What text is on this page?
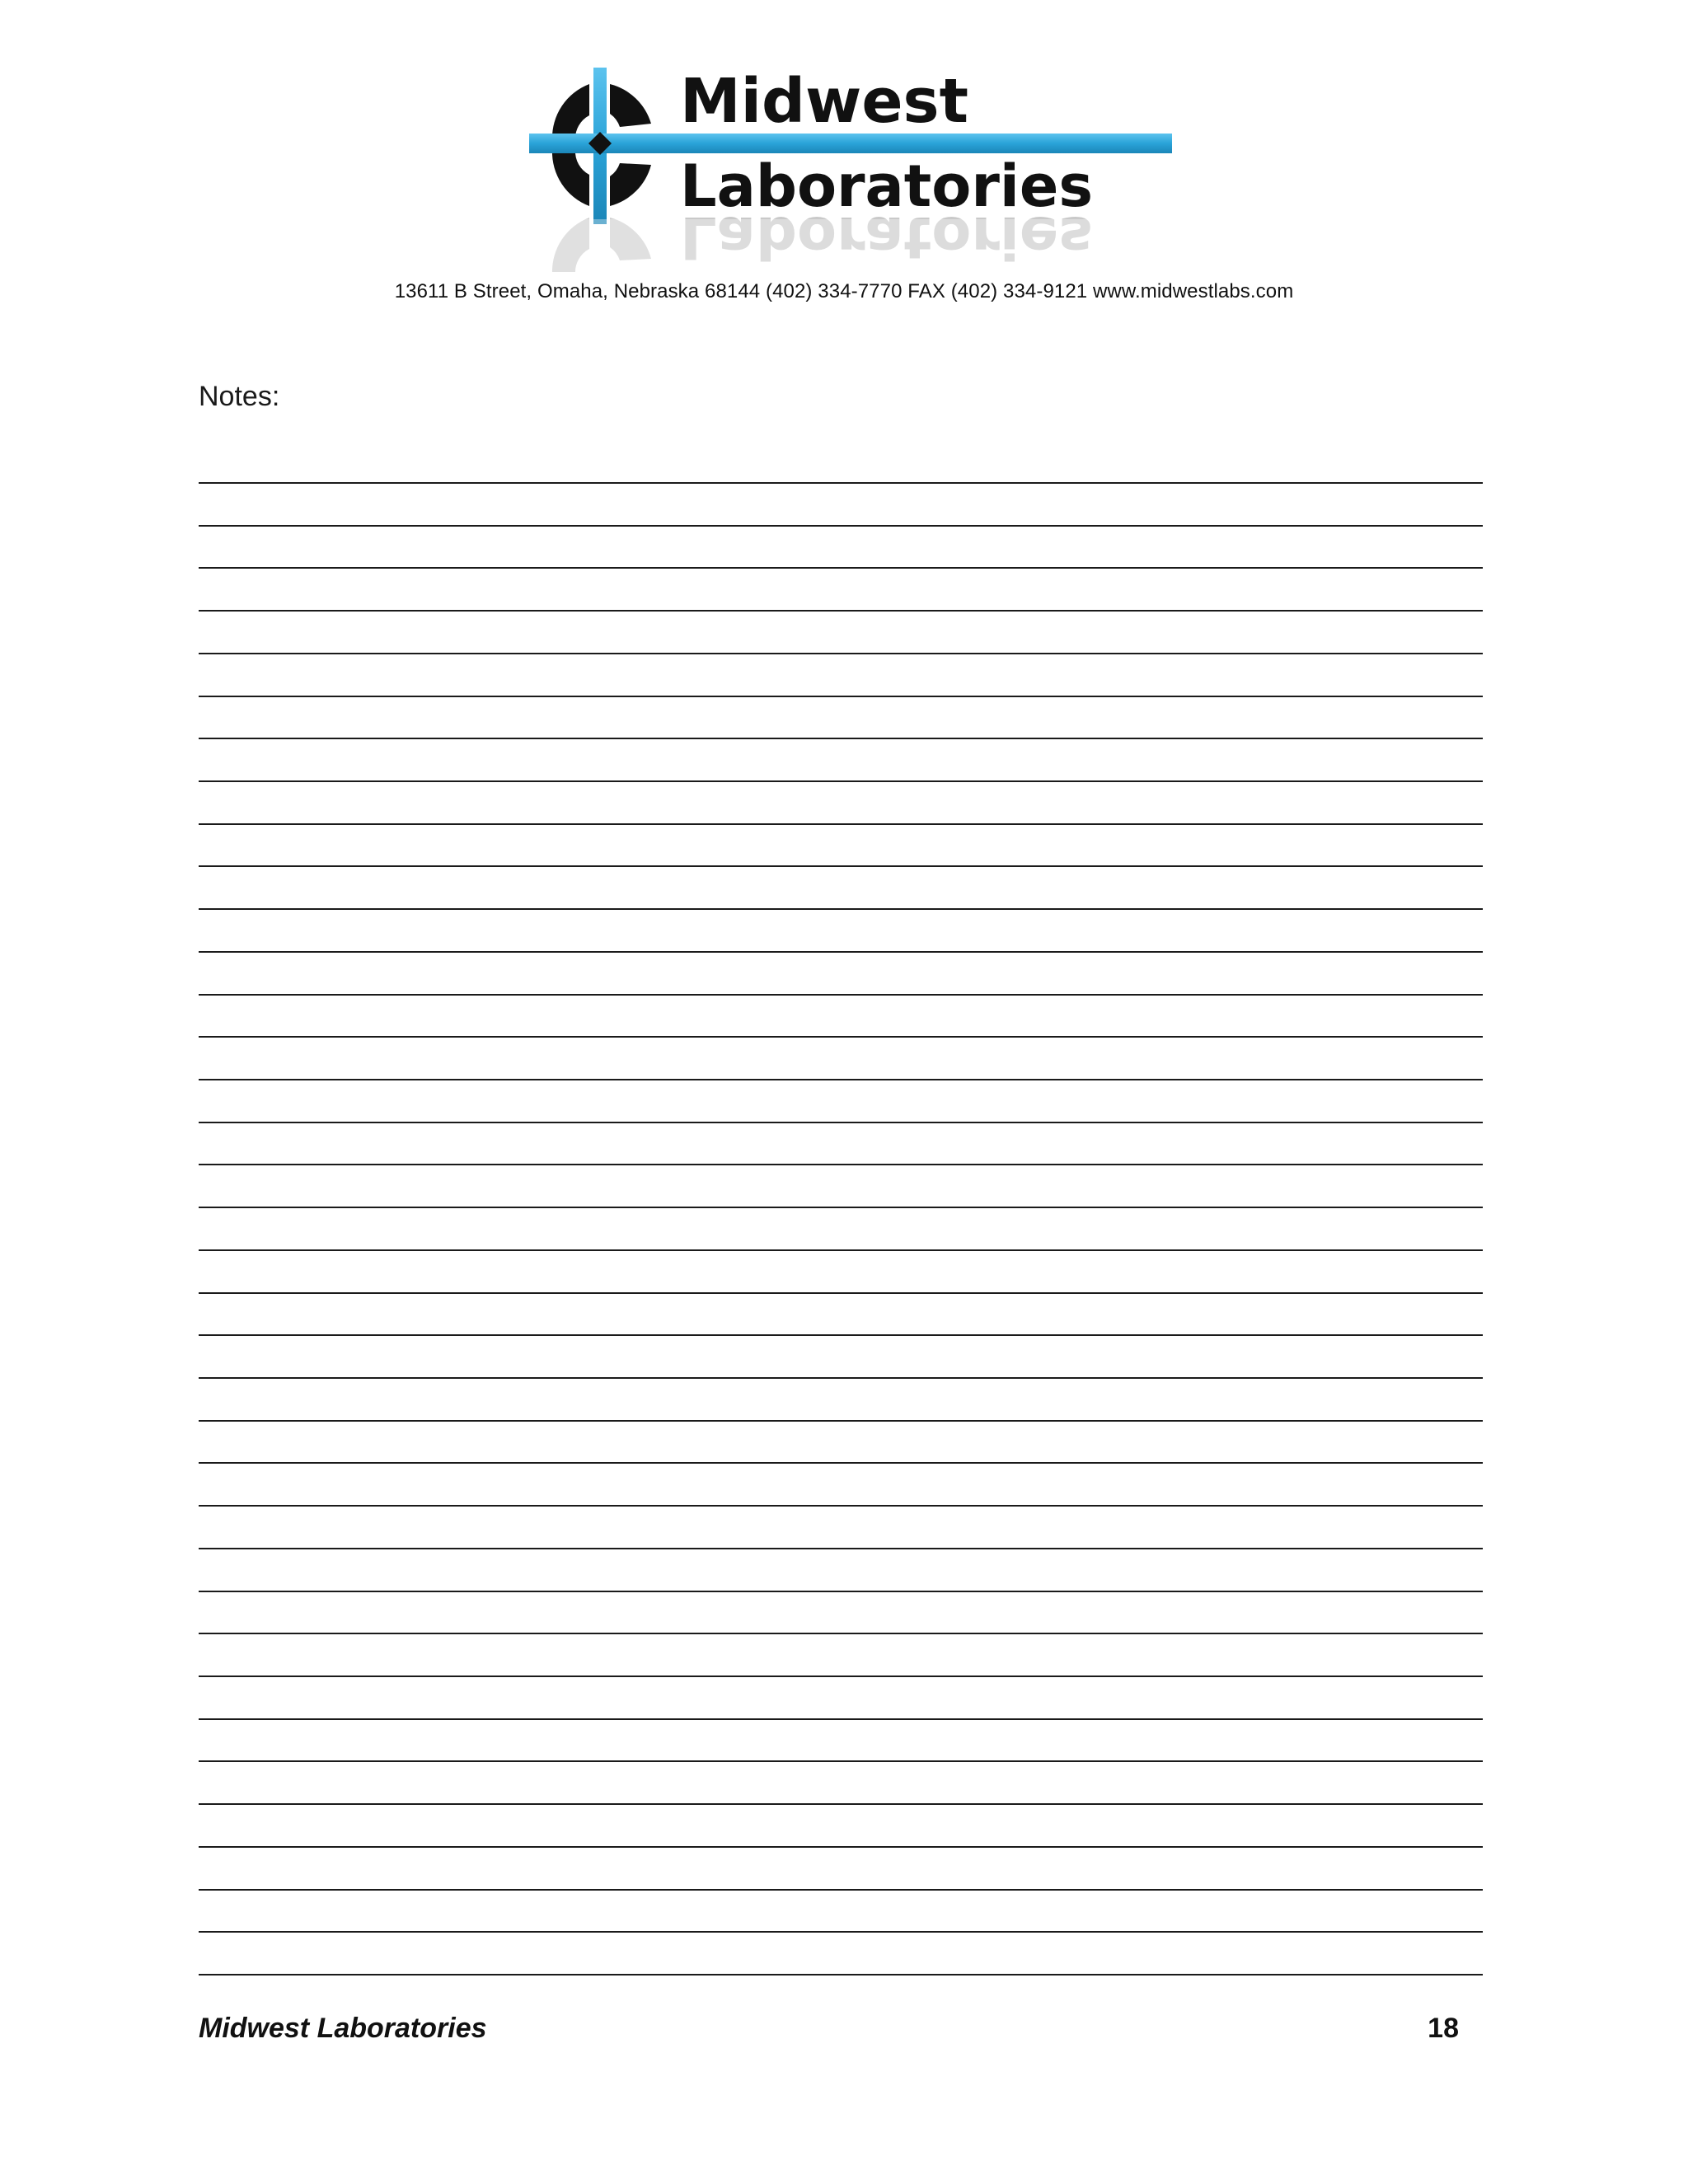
Midwest
Laboratories
Laboratories
13611 B Street, Omaha, Nebraska 68144 (402) 334-7770 FAX (402) 334-9121 www.midwestlabs.com
Notes:
Midwest Laboratories	18
